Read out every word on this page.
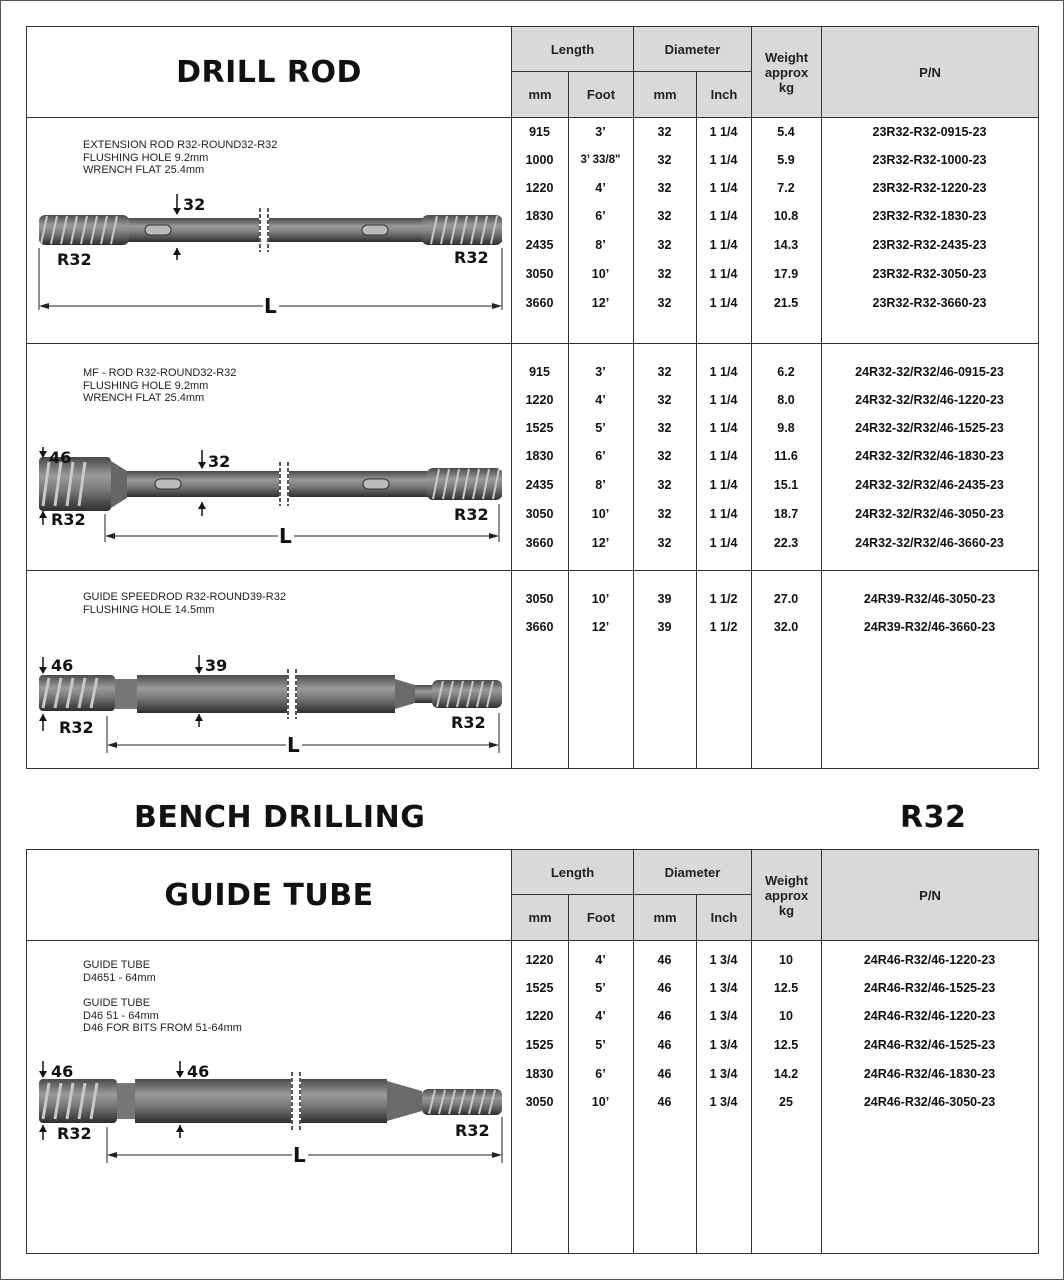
DRILL ROD
Length	Diameter
Weight
approx
kg
P/N
mm	Foot	mm	Inch
EXTENSION ROD R32-ROUND32-R32
FLUSHING HOLE 9.2mm
WRENCH FLAT 25.4mm
32
R32	R32
L
915	3’	32	1 1/4	5.4	23R32-R32-0915-23
1000	3’ 33/8"	32	1 1/4	5.9	23R32-R32-1000-23
1220	4’	32	1 1/4	7.2	23R32-R32-1220-23
1830	6’	32	1 1/4	10.8	23R32-R32-1830-23
2435	8’	32	1 1/4	14.3	23R32-R32-2435-23
3050	10’	32	1 1/4	17.9	23R32-R32-3050-23
3660	12’	32	1 1/4	21.5	23R32-R32-3660-23
MF - ROD R32-ROUND32-R32
FLUSHING HOLE 9.2mm
WRENCH FLAT 25.4mm
46
R32
32
R32
L
915	3’	32	1 1/4	6.2	24R32-32/R32/46-0915-23
1220	4’	32	1 1/4	8.0	24R32-32/R32/46-1220-23
1525	5’	32	1 1/4	9.8	24R32-32/R32/46-1525-23
1830	6’	32	1 1/4	11.6	24R32-32/R32/46-1830-23
2435	8’	32	1 1/4	15.1	24R32-32/R32/46-2435-23
3050	10’	32	1 1/4	18.7	24R32-32/R32/46-3050-23
3660	12’	32	1 1/4	22.3	24R32-32/R32/46-3660-23
GUIDE SPEEDROD R32-ROUND39-R32
FLUSHING HOLE 14.5mm
46
R32
39
R32
L
3050	10’	39	1 1/2	27.0	24R39-R32/46-3050-23
3660	12’	39	1 1/2	32.0	24R39-R32/46-3660-23
BENCH DRILLING	R32
GUIDE TUBE
Length	Diameter
Weight
approx
kg
P/N
mm	Foot	mm	Inch
GUIDE TUBE
D4651 - 64mm
GUIDE TUBE
D46 51 - 64mm
D46 FOR BITS FROM 51-64mm
46
R32
46
R32
L
1220	4’	46	1 3/4	10	24R46-R32/46-1220-23
1525	5’	46	1 3/4	12.5	24R46-R32/46-1525-23
1220	4’	46	1 3/4	10	24R46-R32/46-1220-23
1525	5’	46	1 3/4	12.5	24R46-R32/46-1525-23
1830	6’	46	1 3/4	14.2	24R46-R32/46-1830-23
3050	10’	46	1 3/4	25	24R46-R32/46-3050-23
